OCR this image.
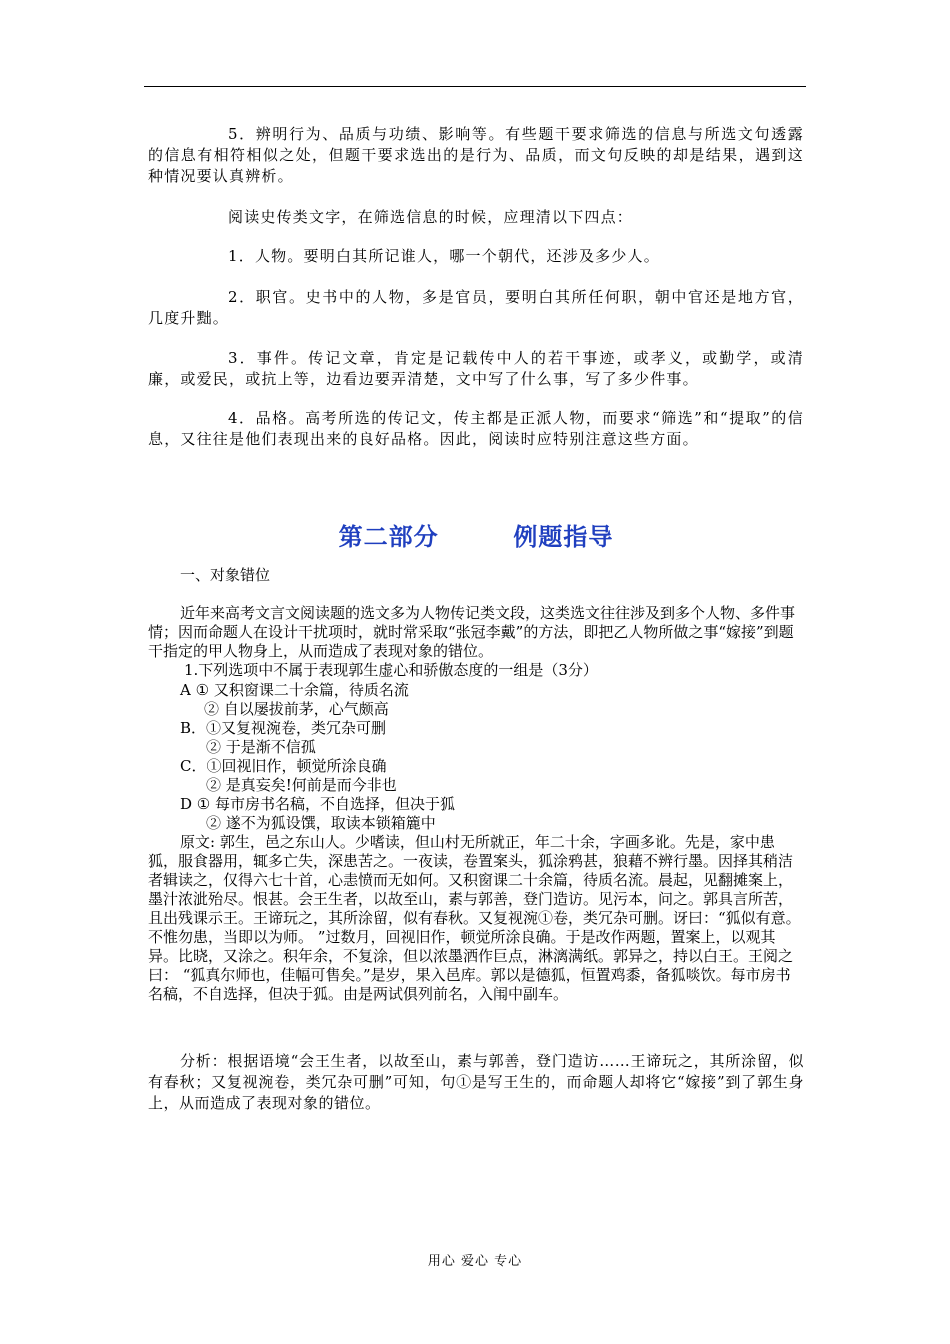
5．辨明行为、品质与功绩、影响等。有些题干要求筛选的信息与所选文句透露的信息有相符相似之处，但题干要求选出的是行为、品质，而文句反映的却是结果，遇到这种情况要认真辨析。

阅读史传类文字，在筛选信息的时候，应理清以下四点：

1．人物。要明白其所记谁人，哪一个朝代，还涉及多少人。

2．职官。史书中的人物，多是官员，要明白其所任何职，朝中官还是地方官，几度升黜。

3．事件。传记文章，肯定是记载传中人的若干事迹，或孝义，或勤学，或清廉，或爱民，或抗上等，边看边要弄清楚，文中写了什么事，写了多少件事。

4．品格。高考所选的传记文，传主都是正派人物，而要求“筛选”和“提取”的信息，又往往是他们表现出来的良好品格。因此，阅读时应特别注意这些方面。

第二部分        例题指导

一、对象错位

近年来高考文言文阅读题的选文多为人物传记类文段，这类选文往往涉及到多个人物、多件事情；因而命题人在设计干扰项时，就时常采取“张冠李戴”的方法，即把乙人物所做之事“嫁接”到题干指定的甲人物身上，从而造成了表现对象的错位。

1.下列选项中不属于表现郭生虚心和骄傲态度的一组是（3分）

A ① 又积窗课二十余篇，待质名流

② 自以屡拔前茅，心气颇高

B．①又复视涴卷，类冗杂可删

② 于是渐不信孤

C．①回视旧作，顿觉所涂良确

② 是真妄矣!何前是而今非也

D ① 每市房书名稿，不自选择，但决于狐

② 遂不为狐设馔，取读本锁箱簏中

原文: 郭生，邑之东山人。少嗜读，但山村无所就正，年二十余，字画多讹。先是，家中患狐，服食器用，辄多亡失，深患苦之。一夜读，卷置案头，狐涂鸦甚，狼藉不辨行墨。因择其稍洁者辑读之，仅得六七十首，心恚愤而无如何。又积窗课二十余篇，待质名流。晨起，见翻摊案上，墨汁浓泚殆尽。恨甚。会王生者，以故至山，素与郭善，登门造访。见污本，问之。郭具言所苦，且出残课示王。王谛玩之，其所涂留，似有春秋。又复视涴①卷，类冗杂可删。讶曰：“狐似有意。不惟勿患，当即以为师。 ”过数月，回视旧作，顿觉所涂良确。于是改作两题，置案上，以观其异。比晓，又涂之。积年余，不复涂，但以浓墨洒作巨点，淋漓满纸。郭异之，持以白王。王阅之曰： “狐真尔师也，佳幅可售矣。”是岁，果入邑库。郭以是德狐，恒置鸡黍，备狐啖饮。每市房书名稿，不自选择，但决于狐。由是两试俱列前名，入闱中副车。

分析：根据语境“会王生者，以故至山，素与郭善，登门造访……王谛玩之，其所涂留，似有春秋；又复视涴卷，类冗杂可删”可知，句①是写王生的，而命题人却将它“嫁接”到了郭生身上，从而造成了表现对象的错位。

用心 爱心 专心
